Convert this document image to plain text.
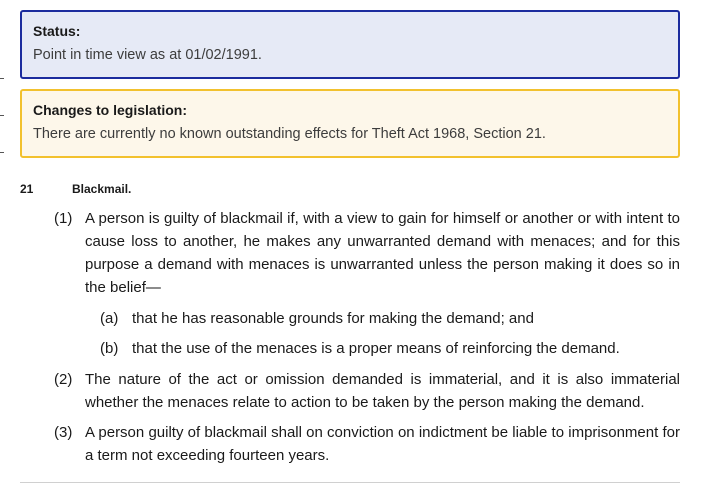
Status:
Point in time view as at 01/02/1991.
Changes to legislation:
There are currently no known outstanding effects for Theft Act 1968, Section 21.
21	Blackmail.
(1) A person is guilty of blackmail if, with a view to gain for himself or another or with intent to cause loss to another, he makes any unwarranted demand with menaces; and for this purpose a demand with menaces is unwarranted unless the person making it does so in the belief—
(a) that he has reasonable grounds for making the demand; and
(b) that the use of the menaces is a proper means of reinforcing the demand.
(2) The nature of the act or omission demanded is immaterial, and it is also immaterial whether the menaces relate to action to be taken by the person making the demand.
(3) A person guilty of blackmail shall on conviction on indictment be liable to imprisonment for a term not exceeding fourteen years.
